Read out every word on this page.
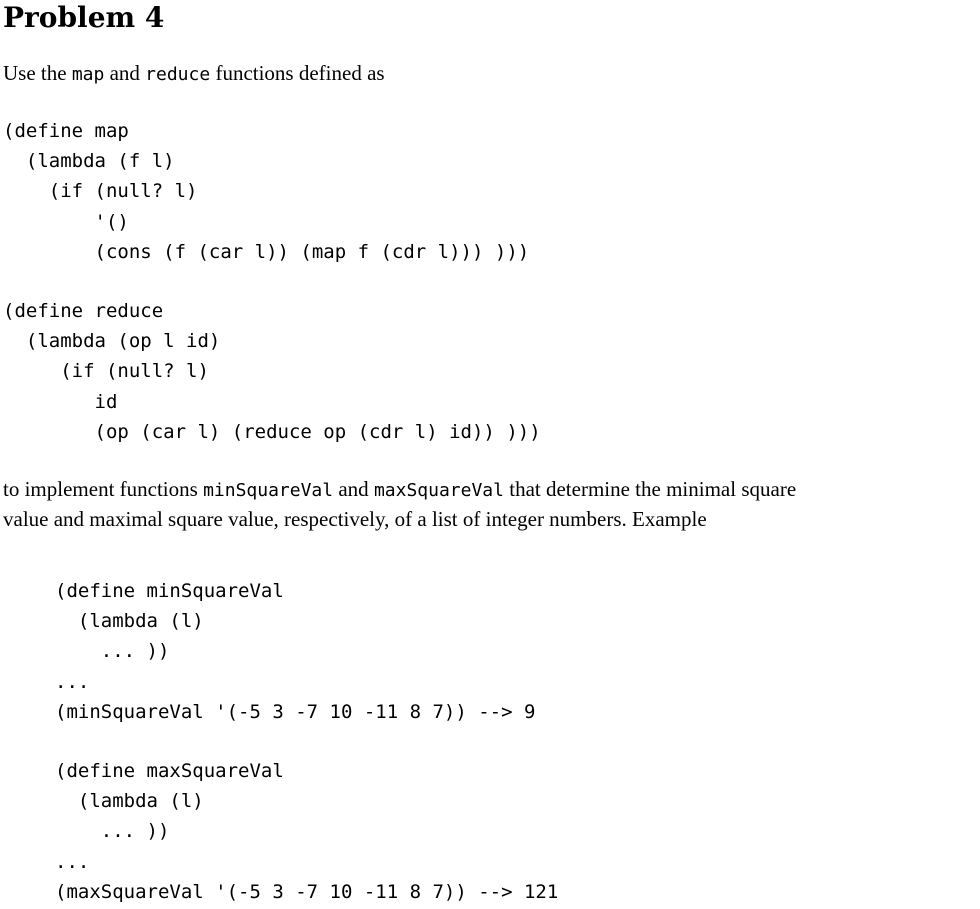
Problem 4

Use the map and reduce functions defined as

(define map
(lambda (f l)
(if (null? l)
'()
(cons (f (car l)) (map f (cdr l))) )))
(define reduce
(lambda (op l id)
(if (null? l)
id
(op (car l) (reduce op (cdr l) id)) )))

to implement functions minSquareVal and maxSquareVal that determine the minimal square

value and maximal square value, respectively, of a list of integer numbers. Example

(define minSquareVal
(lambda (l)
... ))
...
(minSquareVal '(-5 3 -7 10 -11 8 7)) --> 9
(define maxSquareVal
(lambda (l)
... ))
...
(maxSquareVal '(-5 3 -7 10 -11 8 7)) --> 121
